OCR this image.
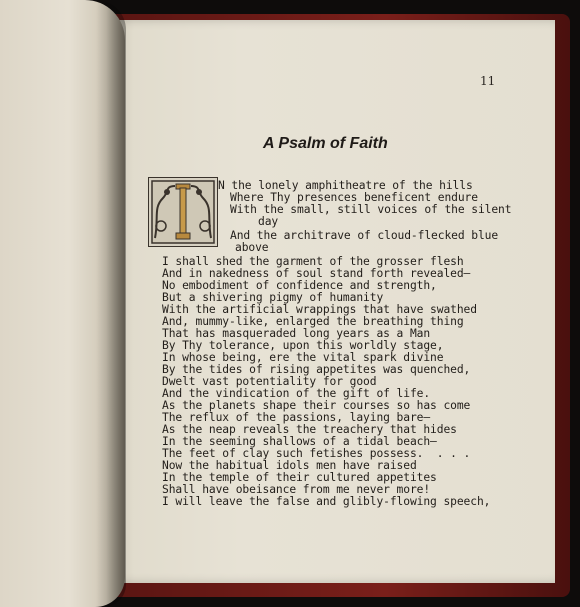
11
A Psalm of Faith
N the lonely amphitheatre of the hills
Where Thy presences beneficent endure
With the small, still voices of the silent
day
And the architrave of cloud-flecked blue
above
I shall shed the garment of the grosser flesh
And in nakedness of soul stand forth revealed—
No embodiment of confidence and strength,
But a shivering pigmy of humanity
With the artificial wrappings that have swathed
And, mummy-like, enlarged the breathing thing
That has masqueraded long years as a Man
By Thy tolerance, upon this worldly stage,
In whose being, ere the vital spark divine
By the tides of rising appetites was quenched,
Dwelt vast potentiality for good
And the vindication of the gift of life.
As the planets shape their courses so has come
The reflux of the passions, laying bare—
As the neap reveals the treachery that hides
In the seeming shallows of a tidal beach—
The feet of clay such fetishes possess.  . . .
Now the habitual idols men have raised
In the temple of their cultured appetites
Shall have obeisance from me never more!
I will leave the false and glibly-flowing speech,
